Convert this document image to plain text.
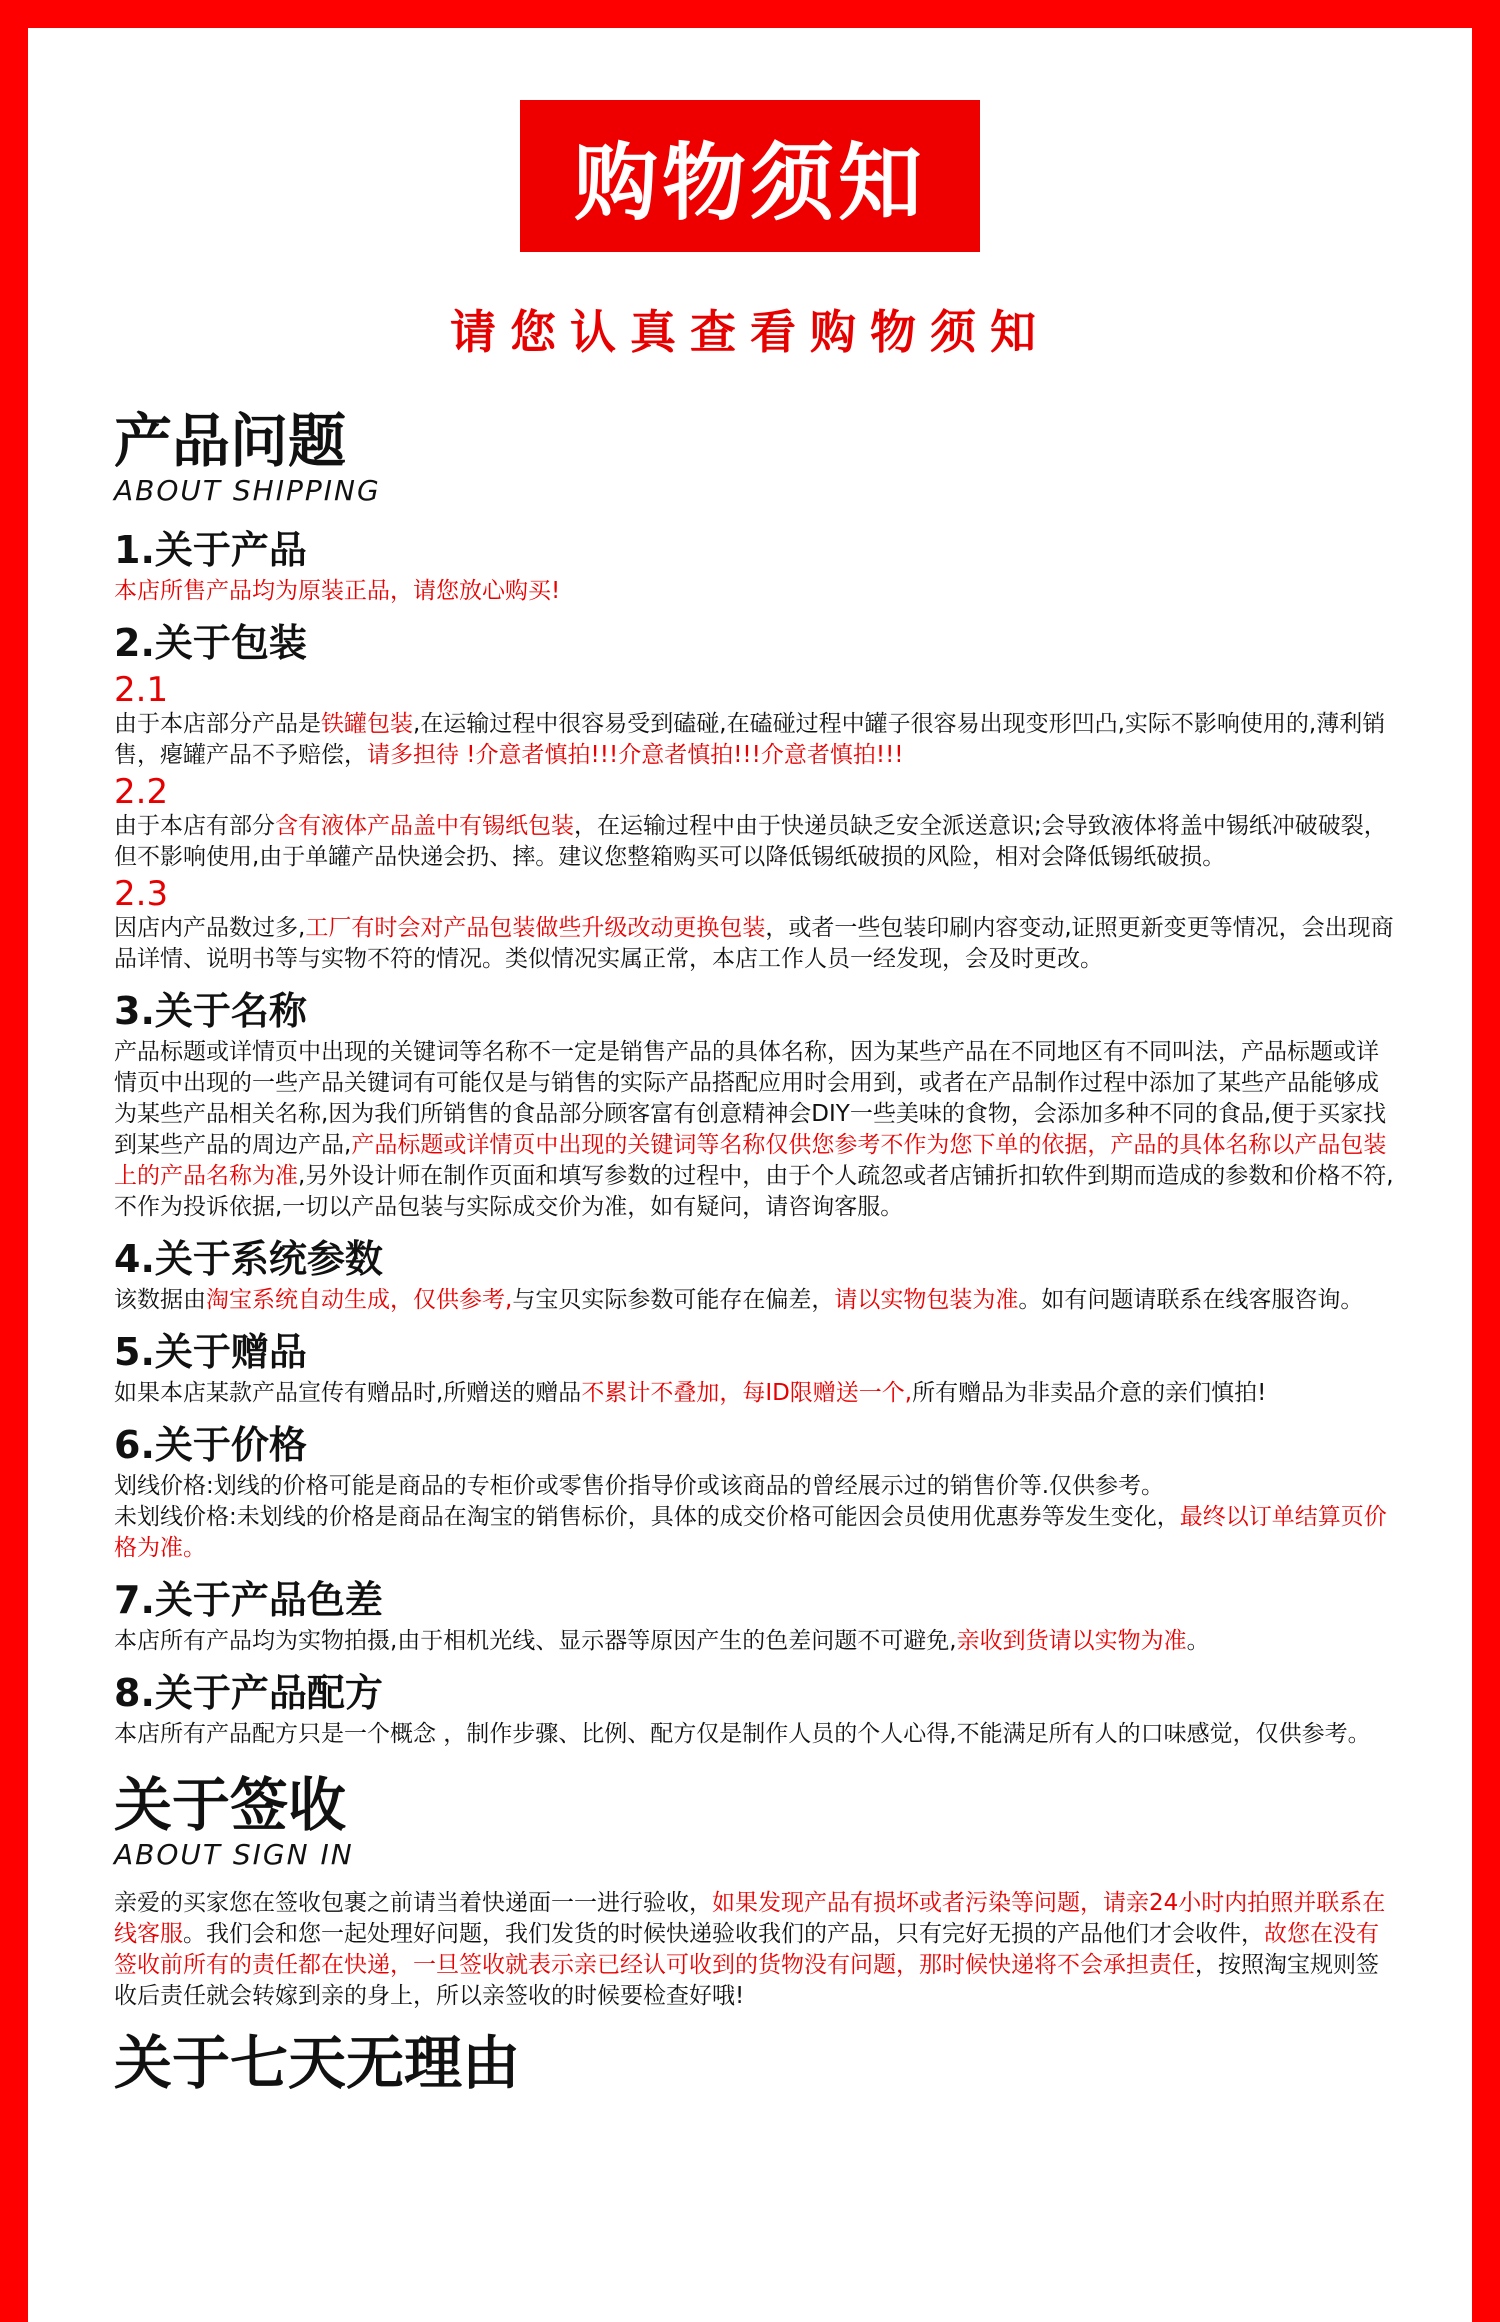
购物须知
请您认真查看购物须知
产品问题
ABOUT SHIPPING
1.关于产品
本店所售产品均为原装正品，请您放心购买!
2.关于包装
2.1
由于本店部分产品是铁罐包装,在运输过程中很容易受到磕碰,在磕碰过程中罐子很容易出现变形凹凸,实际不影响使用的,薄利销售，瘪罐产品不予赔偿，请多担待 !介意者慎拍!!!介意者慎拍!!!介意者慎拍!!!
2.2
由于本店有部分含有液体产品盖中有锡纸包装，在运输过程中由于快递员缺乏安全派送意识;会导致液体将盖中锡纸冲破破裂，但不影响使用,由于单罐产品快递会扔、摔。建议您整箱购买可以降低锡纸破损的风险，相对会降低锡纸破损。
2.3
因店内产品数过多,工厂有时会对产品包装做些升级改动更换包装，或者一些包装印刷内容变动,证照更新变更等情况，会出现商品详情、说明书等与实物不符的情况。类似情况实属正常，本店工作人员一经发现，会及时更改。
3.关于名称
产品标题或详情页中出现的关键词等名称不一定是销售产品的具体名称，因为某些产品在不同地区有不同叫法，产品标题或详情页中出现的一些产品关键词有可能仅是与销售的实际产品搭配应用时会用到，或者在产品制作过程中添加了某些产品能够成为某些产品相关名称,因为我们所销售的食品部分顾客富有创意精神会DIY一些美味的食物，会添加多种不同的食品,便于买家找到某些产品的周边产品,产品标题或详情页中出现的关键词等名称仅供您参考不作为您下单的依据，产品的具体名称以产品包装上的产品名称为准,另外设计师在制作页面和填写参数的过程中，由于个人疏忽或者店铺折扣软件到期而造成的参数和价格不符,不作为投诉依据,一切以产品包装与实际成交价为准，如有疑问，请咨询客服。
4.关于系统参数
该数据由淘宝系统自动生成，仅供参考,与宝贝实际参数可能存在偏差，请以实物包装为准。如有问题请联系在线客服咨询。
5.关于赠品
如果本店某款产品宣传有赠品时,所赠送的赠品不累计不叠加，每ID限赠送一个,所有赠品为非卖品介意的亲们慎拍!
6.关于价格
划线价格:划线的价格可能是商品的专柜价或零售价指导价或该商品的曾经展示过的销售价等.仅供参考。
未划线价格:未划线的价格是商品在淘宝的销售标价，具体的成交价格可能因会员使用优惠券等发生变化，最终以订单结算页价格为准。
7.关于产品色差
本店所有产品均为实物拍摄,由于相机光线、显示器等原因产生的色差问题不可避免,亲收到货请以实物为准。
8.关于产品配方
本店所有产品配方只是一个概念 ，制作步骤、比例、配方仅是制作人员的个人心得,不能满足所有人的口味感觉，仅供参考。
关于签收
ABOUT SIGN IN
亲爱的买家您在签收包裹之前请当着快递面一一进行验收，如果发现产品有损坏或者污染等问题，请亲24小时内拍照并联系在线客服。我们会和您一起处理好问题，我们发货的时候快递验收我们的产品，只有完好无损的产品他们才会收件，故您在没有签收前所有的责任都在快递，一旦签收就表示亲已经认可收到的货物没有问题，那时候快递将不会承担责任，按照淘宝规则签收后责任就会转嫁到亲的身上，所以亲签收的时候要检查好哦!
关于七天无理由
